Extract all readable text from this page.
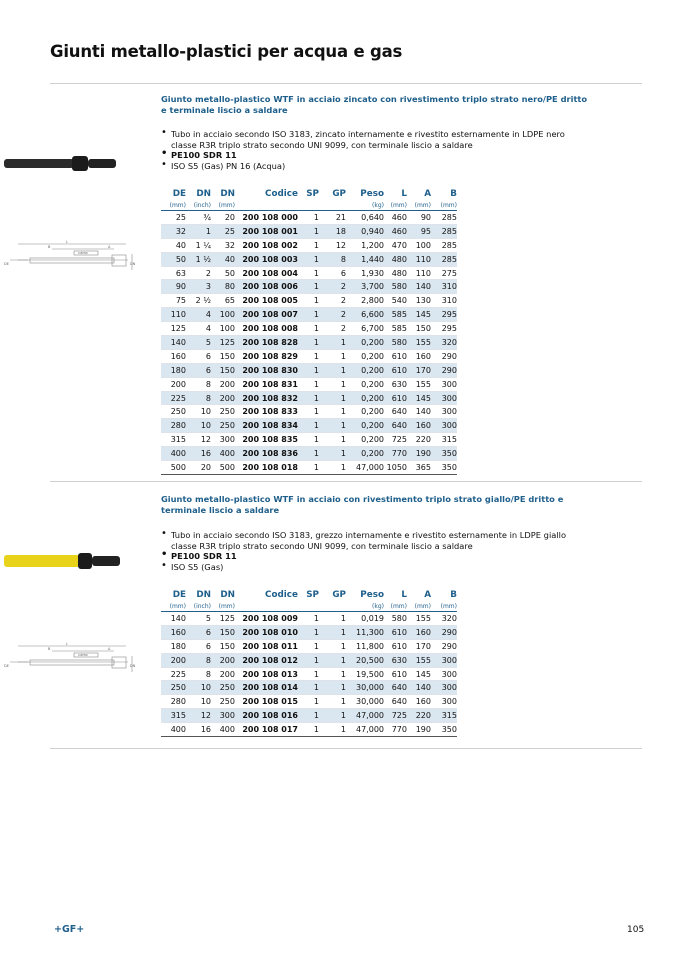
Giunti metallo-plastici per acqua e gas
Giunto metallo-plastico WTF in acciaio zincato con rivestimento triplo strato nero/PE dritto e terminale liscio a saldare
• Tubo in acciaio secondo ISO 3183, zincato internamente e rivestito esternamente in LDPE nero classe R3R triplo strato secondo UNI 9099, con terminale liscio a saldare
• PE100 SDR 11
• ISO S5 (Gas) PN 16 (Acqua)
L
B	A
DE	DN
0-BEND
DE	DN	DN	Codice	SP	GP	Peso	L	A	B
(mm)	(inch)	(mm)				(kg)	(mm)	(mm)	(mm)
25	¾	20	200 108 000	1	21	0,640	460	90	285
32	1	25	200 108 001	1	18	0,940	460	95	285
40	1 ¼	32	200 108 002	1	12	1,200	470	100	285
50	1 ½	40	200 108 003	1	8	1,440	480	110	285
63	2	50	200 108 004	1	6	1,930	480	110	275
90	3	80	200 108 006	1	2	3,700	580	140	310
75	2 ½	65	200 108 005	1	2	2,800	540	130	310
110	4	100	200 108 007	1	2	6,600	585	145	295
125	4	100	200 108 008	1	2	6,700	585	150	295
140	5	125	200 108 828	1	1	0,200	580	155	320
160	6	150	200 108 829	1	1	0,200	610	160	290
180	6	150	200 108 830	1	1	0,200	610	170	290
200	8	200	200 108 831	1	1	0,200	630	155	300
225	8	200	200 108 832	1	1	0,200	610	145	300
250	10	250	200 108 833	1	1	0,200	640	140	300
280	10	250	200 108 834	1	1	0,200	640	160	300
315	12	300	200 108 835	1	1	0,200	725	220	315
400	16	400	200 108 836	1	1	0,200	770	190	350
500	20	500	200 108 018	1	1	47,000	1050	365	350
Giunto metallo-plastico WTF in acciaio con rivestimento triplo strato giallo/PE dritto e terminale liscio a saldare
• Tubo in acciaio secondo ISO 3183, grezzo internamente e rivestito esternamente in LDPE giallo classe R3R triplo strato secondo UNI 9099, con terminale liscio a saldare
• PE100 SDR 11
• ISO S5 (Gas)
L
B	A
DE	DN
0-BEND
DE	DN	DN	Codice	SP	GP	Peso	L	A	B
(mm)	(inch)	(mm)				(kg)	(mm)	(mm)	(mm)
140	5	125	200 108 009	1	1	0,019	580	155	320
160	6	150	200 108 010	1	1	11,300	610	160	290
180	6	150	200 108 011	1	1	11,800	610	170	290
200	8	200	200 108 012	1	1	20,500	630	155	300
225	8	200	200 108 013	1	1	19,500	610	145	300
250	10	250	200 108 014	1	1	30,000	640	140	300
280	10	250	200 108 015	1	1	30,000	640	160	300
315	12	300	200 108 016	1	1	47,000	725	220	315
400	16	400	200 108 017	1	1	47,000	770	190	350
+GF+	105
